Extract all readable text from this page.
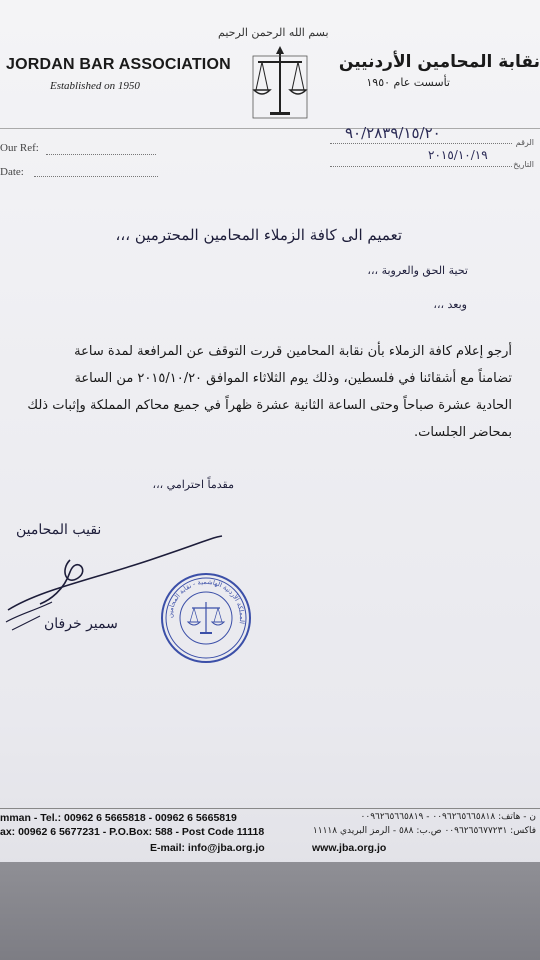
بسم الله الرحمن الرحيم
JORDAN BAR ASSOCIATION
Established on 1950
نقابة المحامين الأردنيين
تأسست عام ١٩٥٠
Our Ref:
Date:
٩٠/٢٨٣٩/١٥/٢٠
الرقم
٢٠١٥/١٠/١٩
التاريخ
تعميم الى كافة الزملاء المحامين المحترمين ،،،
تحية الحق والعروبة ،،،
وبعد ،،،
أرجو إعلام كافة الزملاء بأن نقابة المحامين قررت التوقف عن المرافعة لمدة ساعة
تضامناً مع أشقائنا في فلسطين، وذلك يوم الثلاثاء الموافق ٢٠١٥/١٠/٢٠ من الساعة
الحادية عشرة صباحاً وحتى الساعة الثانية عشرة ظهراً في جميع محاكم المملكة وإثبات ذلك
بمحاضر الجلسات.
مقدماً احترامي ،،،
نقيب المحامين
سمير خرفان
المملكة الأردنية الهاشمية - نقابة المحامين
mman - Tel.: 00962 6 5665818 - 00962 6 5665819
ax: 00962 6 5677231 - P.O.Box: 588 - Post Code 11118
E-mail: info@jba.org.jo	www.jba.org.jo
ن - هاتف: ٠٠٩٦٢٦٥٦٦٥٨١٨ - ٠٠٩٦٢٦٥٦٦٥٨١٩
فاكس: ٠٠٩٦٢٦٥٦٧٧٢٣١ ص.ب: ٥٨٨ - الرمز البريدي ١١١١٨
